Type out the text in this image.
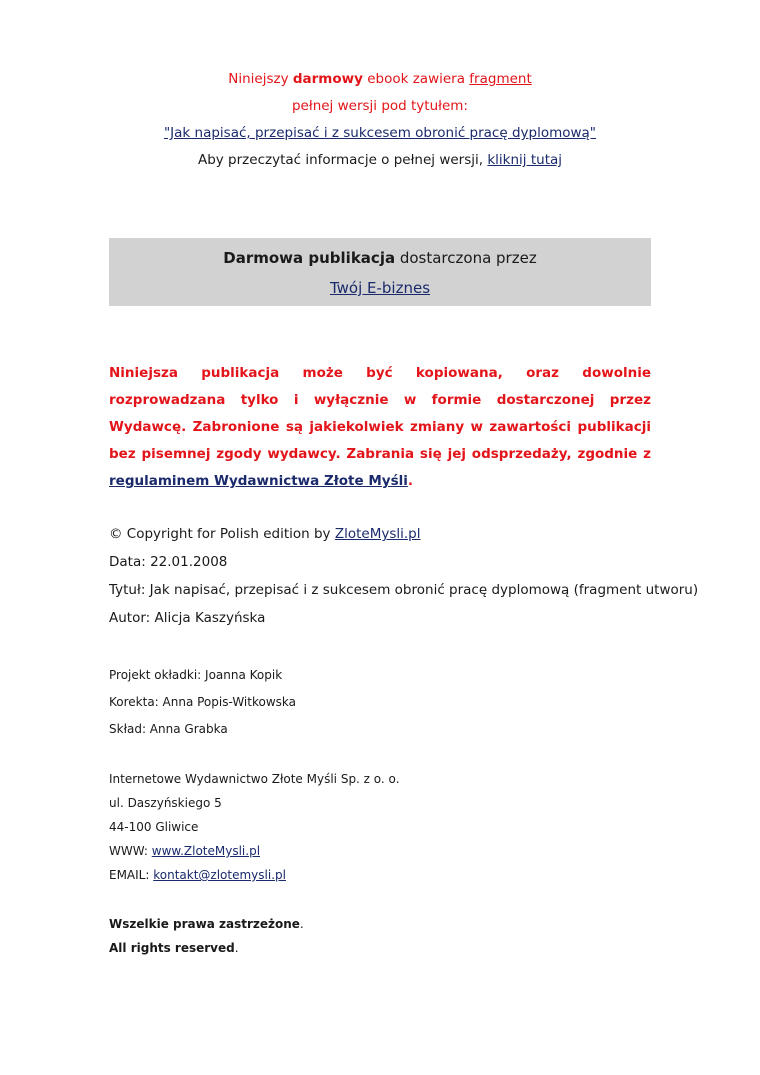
Niniejszy darmowy ebook zawiera fragment
pełnej wersji pod tytułem:
"Jak napisać, przepisać i z sukcesem obronić pracę dyplomową"
Aby przeczytać informacje o pełnej wersji, kliknij tutaj
Darmowa publikacja dostarczona przez
Twój E-biznes
Niniejsza publikacja może być kopiowana, oraz dowolnie rozprowadzana tylko i wyłącznie w formie dostarczonej przez Wydawcę. Zabronione są jakiekolwiek zmiany w zawartości publikacji bez pisemnej zgody wydawcy. Zabrania się jej odsprzedaży, zgodnie z regulaminem Wydawnictwa Złote Myśli.
© Copyright for Polish edition by ZloteMysli.pl
Data: 22.01.2008
Tytuł: Jak napisać, przepisać i z sukcesem obronić pracę dyplomową (fragment utworu)
Autor: Alicja Kaszyńska
Projekt okładki: Joanna Kopik
Korekta: Anna Popis-Witkowska
Skład: Anna Grabka
Internetowe Wydawnictwo Złote Myśli Sp. z o. o.
ul. Daszyńskiego 5
44-100 Gliwice
WWW: www.ZloteMysli.pl
EMAIL: kontakt@zlotemysli.pl
Wszelkie prawa zastrzeżone.
All rights reserved.
